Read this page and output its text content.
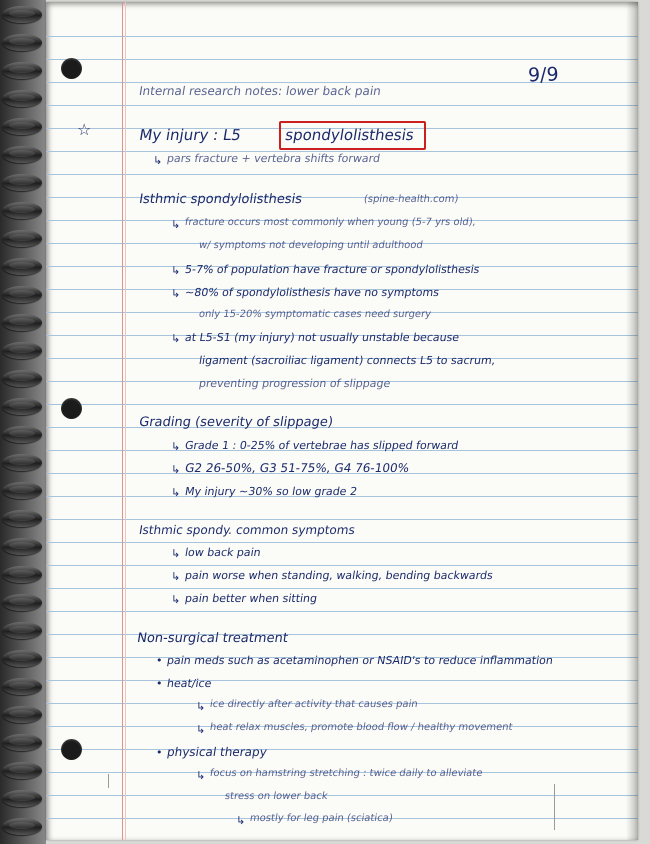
9/9
☆
Internal research notes: lower back pain
My injury : L5	spondylolisthesis
↳ pars fracture + vertebra shifts forward
Isthmic spondylolisthesis	(spine-health.com)
↳ fracture occurs most commonly when young (5-7 yrs old),
w/ symptoms not developing until adulthood
↳ 5-7% of population have fracture or spondylolisthesis
↳ ~80% of spondylolisthesis have no symptoms
only 15-20% symptomatic cases need surgery
↳ at L5-S1 (my injury) not usually unstable because
ligament (sacroiliac ligament) connects L5 to sacrum,
preventing progression of slippage
Grading (severity of slippage)
↳ Grade 1 : 0-25% of vertebrae has slipped forward
↳ G2 26-50%, G3 51-75%, G4 76-100%
↳ My injury ~30% so low grade 2
Isthmic spondy. common symptoms
↳ low back pain
↳ pain worse when standing, walking, bending backwards
↳ pain better when sitting
Non-surgical treatment
• pain meds such as acetaminophen or NSAID's to reduce inflammation
• heat/ice
↳ ice directly after activity that causes pain
↳ heat relax muscles, promote blood flow / healthy movement
• physical therapy
↳ focus on hamstring stretching : twice daily to alleviate
stress on lower back
↳ mostly for leg pain (sciatica)
